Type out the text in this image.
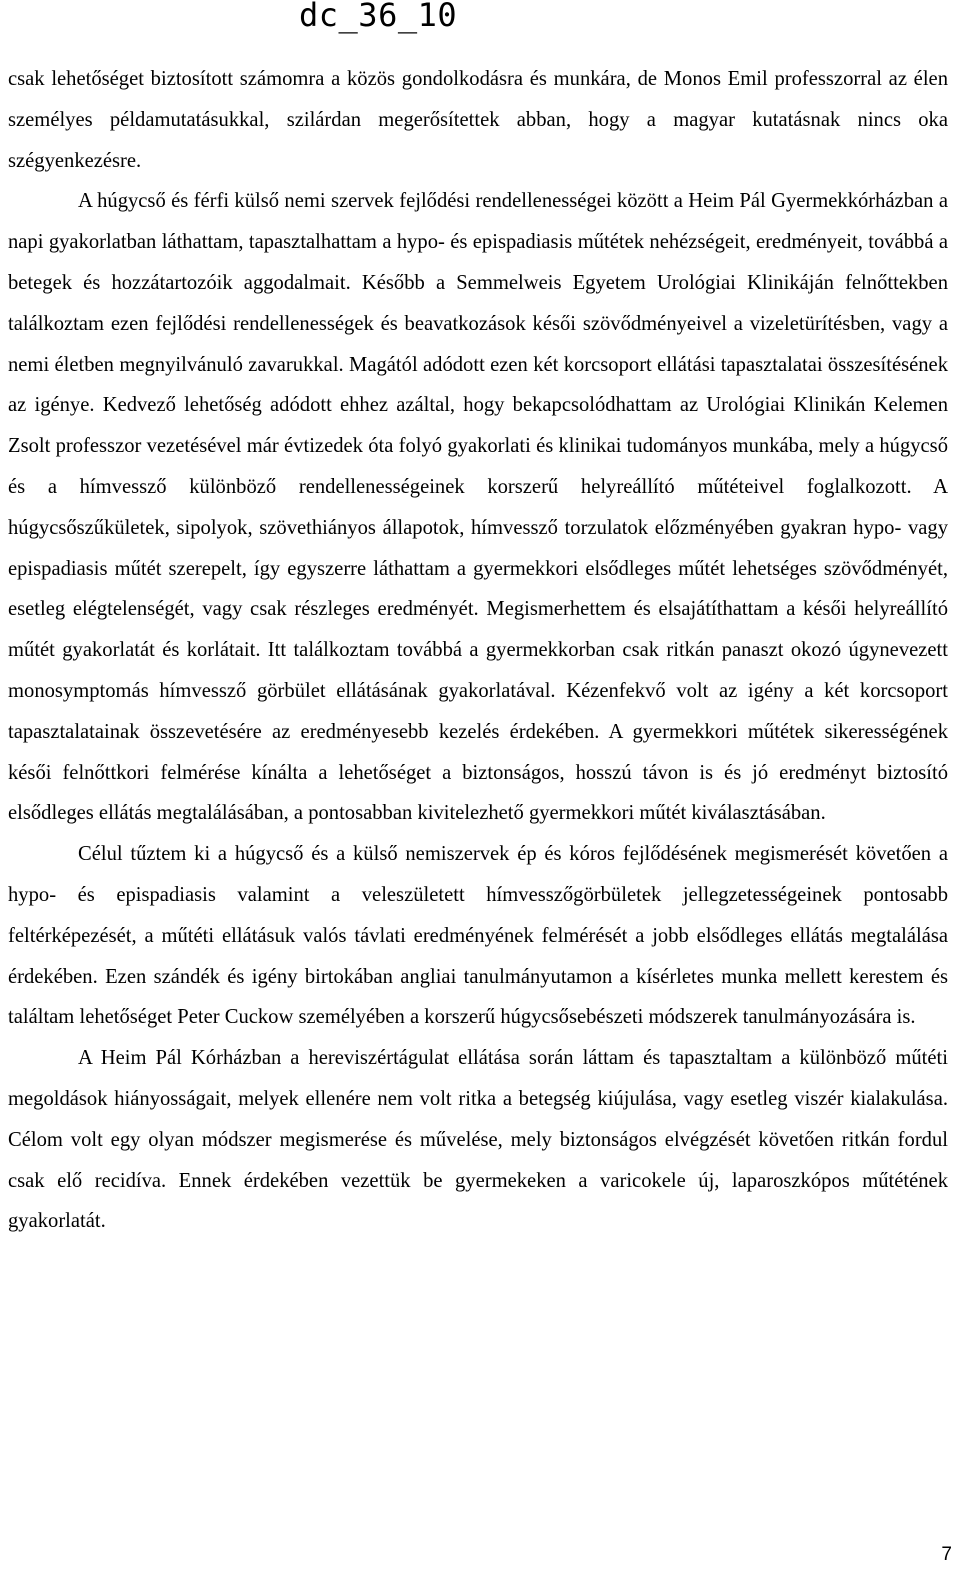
dc_36_10

csak lehetőséget biztosított számomra a közös gondolkodásra és munkára, de Monos Emil professzorral az élen személyes példamutatásukkal, szilárdan megerősítettek abban, hogy a magyar kutatásnak nincs oka szégyenkezésre.

A húgycső és férfi külső nemi szervek fejlődési rendellenességei között a Heim Pál Gyermekkórházban a napi gyakorlatban láthattam, tapasztalhattam a hypo- és epispadiasis műtétek nehézségeit, eredményeit, továbbá a betegek és hozzátartozóik aggodalmait. Később a Semmelweis Egyetem Urológiai Klinikáján felnőttekben találkoztam ezen fejlődési rendellenességek és beavatkozások késői szövődményeivel a vizeletürítésben, vagy a nemi életben megnyilvánuló zavarukkal. Magától adódott ezen két korcsoport ellátási tapasztalatai összesítésének az igénye. Kedvező lehetőség adódott ehhez azáltal, hogy bekapcsolódhattam az Urológiai Klinikán Kelemen Zsolt professzor vezetésével már évtizedek óta folyó gyakorlati és klinikai tudományos munkába, mely a húgycső és a hímvessző különböző rendellenességeinek korszerű helyreállító műtéteivel foglalkozott. A húgycsőszűkületek, sipolyok, szövethiányos állapotok, hímvessző torzulatok előzményében gyakran hypo- vagy epispadiasis műtét szerepelt, így egyszerre láthattam a gyermekkori elsődleges műtét lehetséges szövődményét, esetleg elégtelenségét, vagy csak részleges eredményét. Megismerhettem és elsajátíthattam a késői helyreállító műtét gyakorlatát és korlátait. Itt találkoztam továbbá a gyermekkorban csak ritkán panaszt okozó úgynevezett monosymptomás hímvessző görbület ellátásának gyakorlatával. Kézenfekvő volt az igény a két korcsoport tapasztalatainak összevetésére az eredményesebb kezelés érdekében. A gyermekkori műtétek sikerességének késői felnőttkori felmérése kínálta a lehetőséget a biztonságos, hosszú távon is és jó eredményt biztosító elsődleges ellátás megtalálásában, a pontosabban kivitelezhető gyermekkori műtét kiválasztásában.

Célul tűztem ki a húgycső és a külső nemiszervek ép és kóros fejlődésének megismerését követően a hypo- és epispadiasis valamint a veleszületett hímvesszőgörbületek jellegzetességeinek pontosabb feltérképezését, a műtéti ellátásuk valós távlati eredményének felmérését a jobb elsődleges ellátás megtalálása érdekében. Ezen szándék és igény birtokában angliai tanulmányutamon a kísérletes munka mellett kerestem és találtam lehetőséget Peter Cuckow személyében a korszerű húgycsősebészeti módszerek tanulmányozására is.

A Heim Pál Kórházban a hereviszértágulat ellátása során láttam és tapasztaltam a különböző műtéti megoldások hiányosságait, melyek ellenére nem volt ritka a betegség kiújulása, vagy esetleg viszér kialakulása. Célom volt egy olyan módszer megismerése és művelése, mely biztonságos elvégzését követően ritkán fordul csak elő recidíva. Ennek érdekében vezettük be gyermekeken a varicokele új, laparoszkópos műtétének gyakorlatát.

7
